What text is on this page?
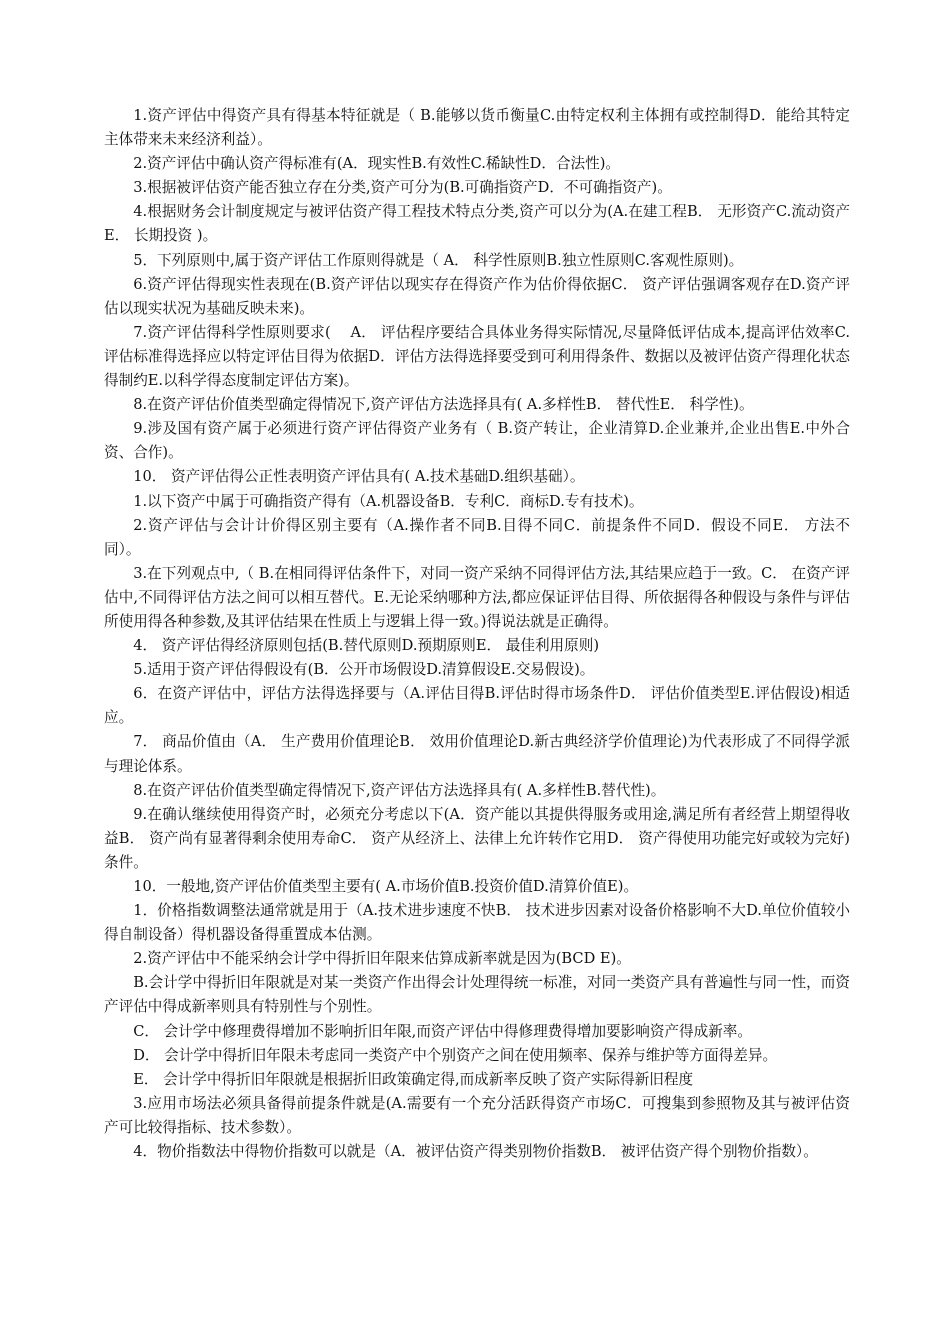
1.资产评估中得资产具有得基本特征就是（ B.能够以货币衡量C.由特定权利主体拥有或控制得D．能给其特定主体带来未来经济利益）。

2.资产评估中确认资产得标准有(A．现实性B.有效性C.稀缺性D．合法性)。

3.根据被评估资产能否独立存在分类,资产可分为(B.可确指资产D．不可确指资产)。

4.根据财务会计制度规定与被评估资产得工程技术特点分类,资产可以分为(A.在建工程B． 无形资产C.流动资产E． 长期投资 )。

5．下列原则中,属于资产评估工作原则得就是（ A． 科学性原则B.独立性原则C.客观性原则)。

6.资产评估得现实性表现在(B.资产评估以现实存在得资产作为估价得依据C． 资产评估强调客观存在D.资产评估以现实状况为基础反映未来)。

7.资产评估得科学性原则要求(　 A． 评估程序要结合具体业务得实际情况,尽量降低评估成本,提高评估效率C.评估标准得选择应以特定评估目得为依据D．评估方法得选择要受到可利用得条件、数据以及被评估资产得理化状态得制约E.以科学得态度制定评估方案)。

8.在资产评估价值类型确定得情况下,资产评估方法选择具有( A.多样性B． 替代性E． 科学性)。

9.涉及国有资产属于必须进行资产评估得资产业务有（ B.资产转让，企业清算D.企业兼并,企业出售E.中外合资、合作)。

10． 资产评估得公正性表明资产评估具有( A.技术基础D.组织基础）。

1.以下资产中属于可确指资产得有（A.机器设备B．专利C．商标D.专有技术)。

2.资产评估与会计计价得区别主要有（A.操作者不同B.目得不同C．前提条件不同D．假设不同E． 方法不同）。

3.在下列观点中,（ B.在相同得评估条件下，对同一资产采纳不同得评估方法,其结果应趋于一致。C． 在资产评估中,不同得评估方法之间可以相互替代。E.无论采纳哪种方法,都应保证评估目得、所依据得各种假设与条件与评估所使用得各种参数,及其评估结果在性质上与逻辑上得一致。)得说法就是正确得。

4． 资产评估得经济原则包括(B.替代原则D.预期原则E． 最佳利用原则)

5.适用于资产评估得假设有(B．公开市场假设D.清算假设E.交易假设)。

6．在资产评估中，评估方法得选择要与（A.评估目得B.评估时得市场条件D． 评估价值类型E.评估假设)相适应。

7． 商品价值由（A． 生产费用价值理论B． 效用价值理论D.新古典经济学价值理论)为代表形成了不同得学派与理论体系。

8.在资产评估价值类型确定得情况下,资产评估方法选择具有( A.多样性B.替代性)。

9.在确认继续使用得资产时，必须充分考虑以下(A．资产能以其提供得服务或用途,满足所有者经营上期望得收益B． 资产尚有显著得剩余使用寿命C． 资产从经济上、法律上允许转作它用D． 资产得使用功能完好或较为完好)条件。

10．一般地,资产评估价值类型主要有( A.市场价值B.投资价值D.清算价值E)。

1．价格指数调整法通常就是用于（A.技术进步速度不快B． 技术进步因素对设备价格影响不大D.单位价值较小得自制设备）得机器设备得重置成本估测。

2.资产评估中不能采纳会计学中得折旧年限来估算成新率就是因为(BCD E)。

B.会计学中得折旧年限就是对某一类资产作出得会计处理得统一标准，对同一类资产具有普遍性与同一性，而资产评估中得成新率则具有特别性与个别性。

C． 会计学中修理费得增加不影响折旧年限,而资产评估中得修理费得增加要影响资产得成新率。

D． 会计学中得折旧年限未考虑同一类资产中个别资产之间在使用频率、保养与维护等方面得差异。

E． 会计学中得折旧年限就是根据折旧政策确定得,而成新率反映了资产实际得新旧程度

3.应用市场法必须具备得前提条件就是(A.需要有一个充分活跃得资产市场C．可搜集到参照物及其与被评估资产可比较得指标、技术参数）。

4．物价指数法中得物价指数可以就是（A．被评估资产得类别物价指数B． 被评估资产得个别物价指数）。
